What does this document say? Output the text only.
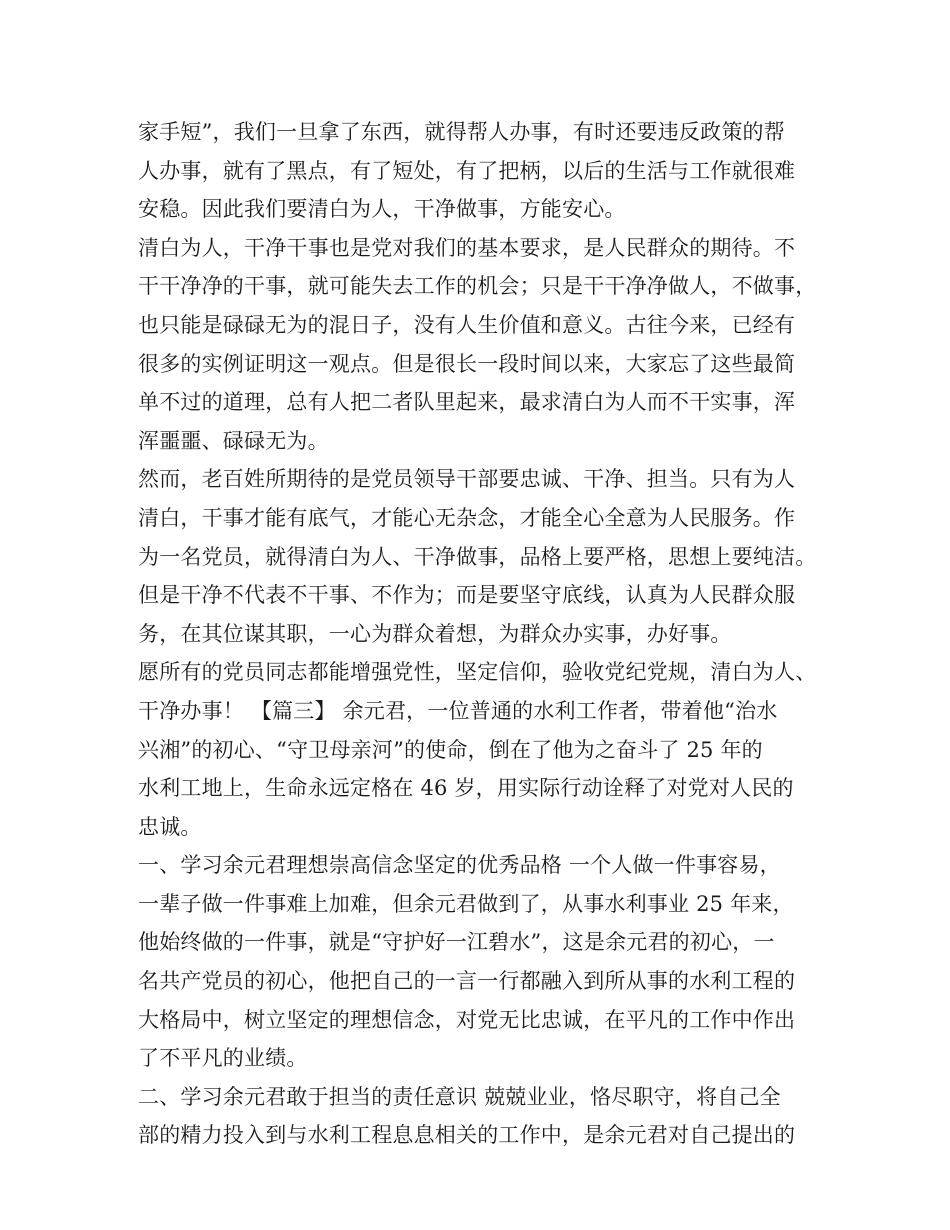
家手短”，我们一旦拿了东西，就得帮人办事，有时还要违反政策的帮
人办事，就有了黑点，有了短处，有了把柄，以后的生活与工作就很难
安稳。因此我们要清白为人，干净做事，方能安心。
清白为人，干净干事也是党对我们的基本要求，是人民群众的期待。不
干干净净的干事，就可能失去工作的机会；只是干干净净做人，不做事，
也只能是碌碌无为的混日子，没有人生价值和意义。古往今来，已经有
很多的实例证明这一观点。但是很长一段时间以来，大家忘了这些最简
单不过的道理，总有人把二者队里起来，最求清白为人而不干实事，浑
浑噩噩、碌碌无为。
然而，老百姓所期待的是党员领导干部要忠诚、干净、担当。只有为人
清白，干事才能有底气，才能心无杂念，才能全心全意为人民服务。作
为一名党员，就得清白为人、干净做事，品格上要严格，思想上要纯洁。
但是干净不代表不干事、不作为；而是要坚守底线，认真为人民群众服
务，在其位谋其职，一心为群众着想，为群众办实事，办好事。
愿所有的党员同志都能增强党性，坚定信仰，验收党纪党规，清白为人、
干净办事！ 【篇三】 余元君，一位普通的水利工作者，带着他“治水
兴湘”的初心、“守卫母亲河”的使命，倒在了他为之奋斗了 25 年的
水利工地上，生命永远定格在 46 岁，用实际行动诠释了对党对人民的
忠诚。
一、学习余元君理想崇高信念坚定的优秀品格 一个人做一件事容易，
一辈子做一件事难上加难，但余元君做到了，从事水利事业 25 年来，
他始终做的一件事，就是“守护好一江碧水”，这是余元君的初心，一
名共产党员的初心，他把自己的一言一行都融入到所从事的水利工程的
大格局中，树立坚定的理想信念，对党无比忠诚，在平凡的工作中作出
了不平凡的业绩。
二、学习余元君敢于担当的责任意识 兢兢业业，恪尽职守，将自己全
部的精力投入到与水利工程息息相关的工作中，是余元君对自己提出的
